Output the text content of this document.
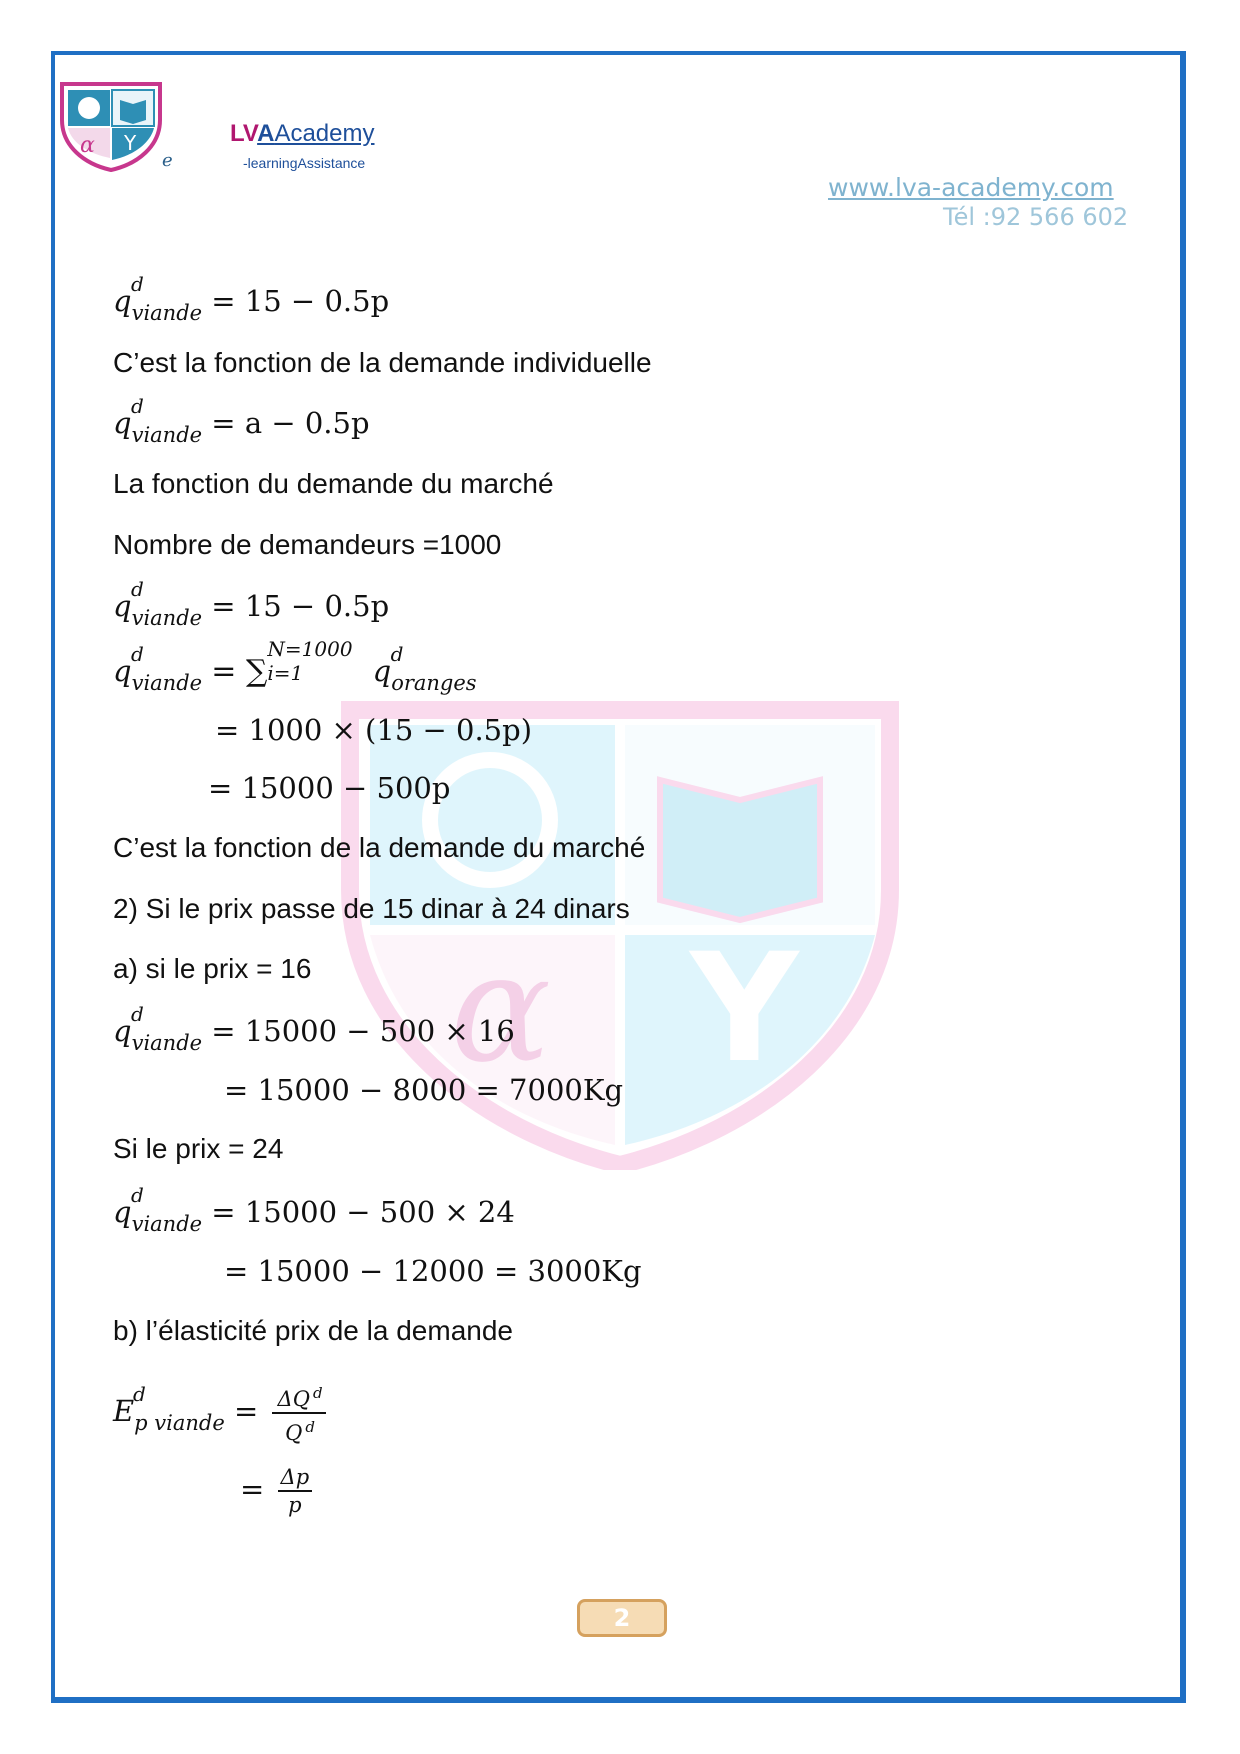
α Y
e
LVAAcademy
-learningAssistance
www.lva-academy.com
Tél :92 566 602
α Y
q d
$_{viande}$ = 15 − 0.5p
C’est la fonction de la demande individuelle
q d
$_{viande}$ = a − 0.5p
La fonction du demande du marché
Nombre de demandeurs =1000
q d
$_{viande}$ = 15 − 0.5p
q d
$_{viande}$ = ∑
N=1000
i=1 q d
$_{oranges}$
= 1000 × (15 − 0.5p)
= 15000 − 500p
C’est la fonction de la demande du marché
2) Si le prix passe de 15 dinar à 24 dinars
a) si le prix = 16
q d
$_{viande}$ = 15000 − 500 × 16
= 15000 − 8000 = 7000Kg
Si le prix = 24
q d
$_{viande}$ = 15000 − 500 × 24
= 15000 − 12000 = 3000Kg
b) l’élasticité prix de la demande
E
d
$_{p viande} = \frac{\Delta Q ^d}{Q ^d}$
= $\frac{\Delta p}{p}$
2
